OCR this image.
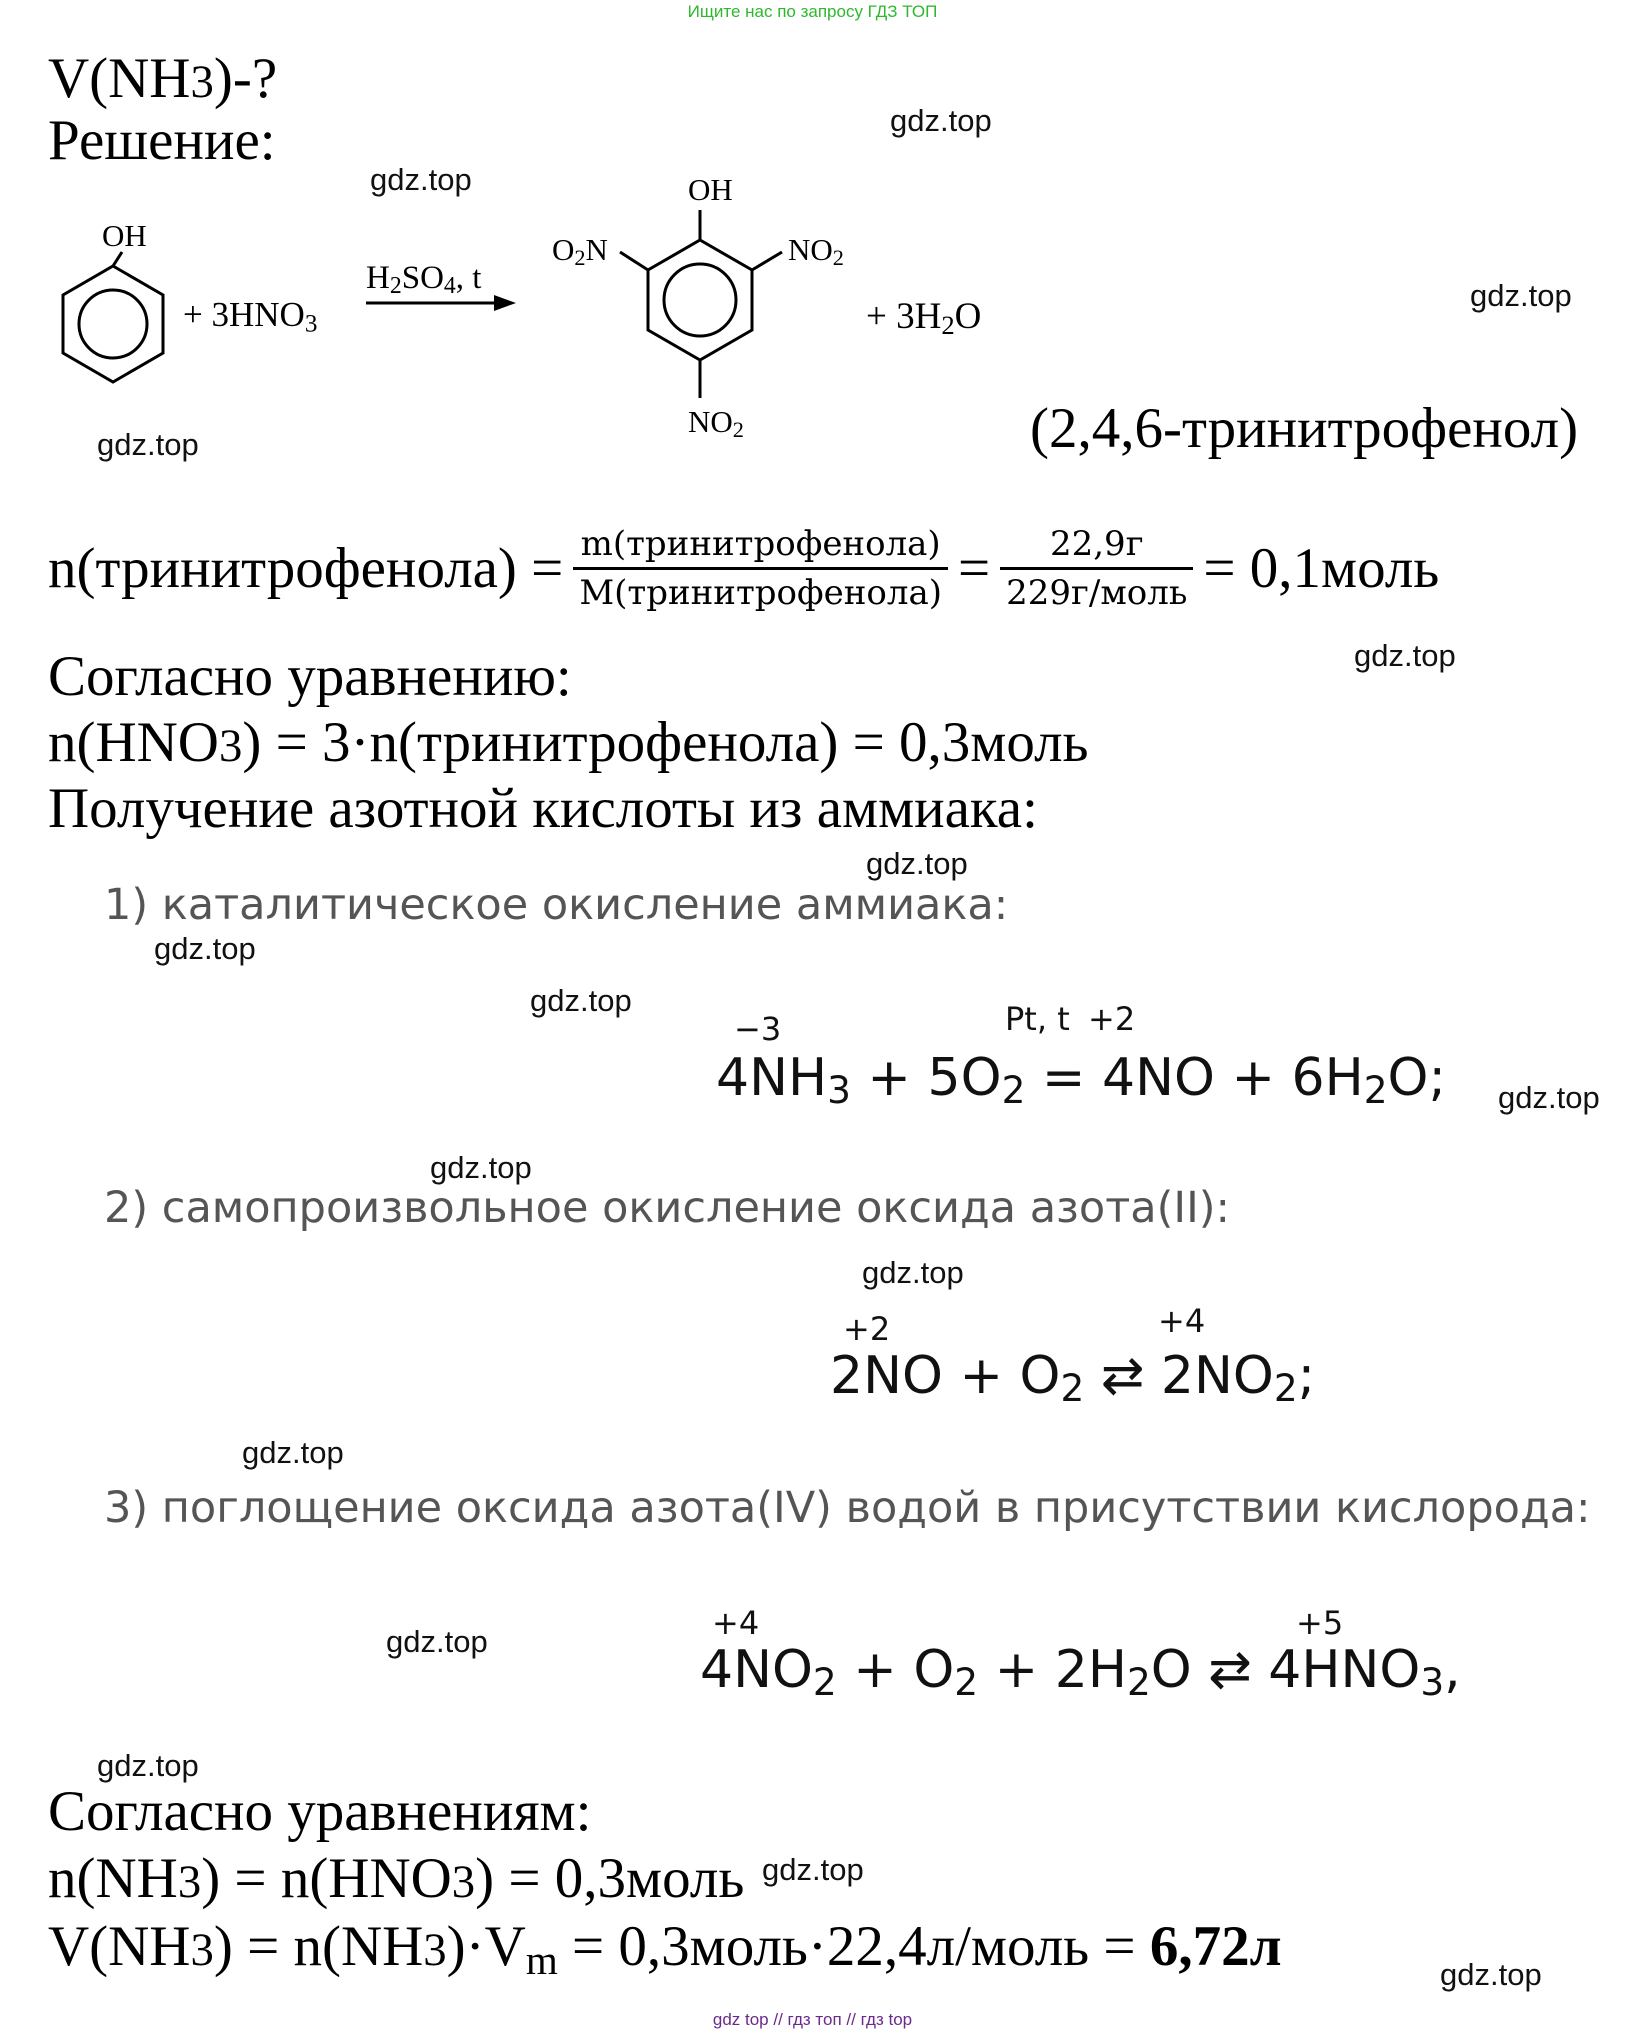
Ищите нас по запросу ГДЗ ТОП
V(NH3)-?
Решение:
OH
+ $3HNO_3$
$H_2SO_4$, t
OH
$O_2N$	$NO_2$
$NO_2$
+ $3H_2O$
(2,4,6-тринитрофенол)
n(тринитрофенола) = $\frac{\text{m(тринитрофенола)}}{\text{M(тринитрофенола)}} = \frac{22,9г}{\text{229г/моль}}$ = 0,1моль
Согласно уравнению:
n(HNO3) = 3·n(тринитрофенола) = 0,3моль
Получение азотной кислоты из аммиака:
1) каталитическое окисление аммиака:
−3	Pt, t +2
$4NH_3 + 5O_2 = 4NO + 6H_2O$;
2) самопроизвольное окисление оксида азота(II):
+2	+4
$2NO + O_2$ ⇄ $2NO_2$;
3) поглощение оксида азота(IV) водой в присутствии кислорода:
+4	+5
$4NO_2 + O_2 + 2H_2O$ ⇄ $4HNO_3$,
Согласно уравнениям:
n(NH3) = n(HNO3) = 0,3моль
$V(NH3) = n(NH3)\cdot V_m$ = 0,3моль·22,4л/моль = 6,72л
gdz.top
gdz.top
gdz.top
gdz.top
gdz.top
gdz.top
gdz.top
gdz.top
gdz.top
gdz.top
gdz.top
gdz.top
gdz.top
gdz.top
gdz.top
gdz.top
gdz top // гдз топ // гдз top
